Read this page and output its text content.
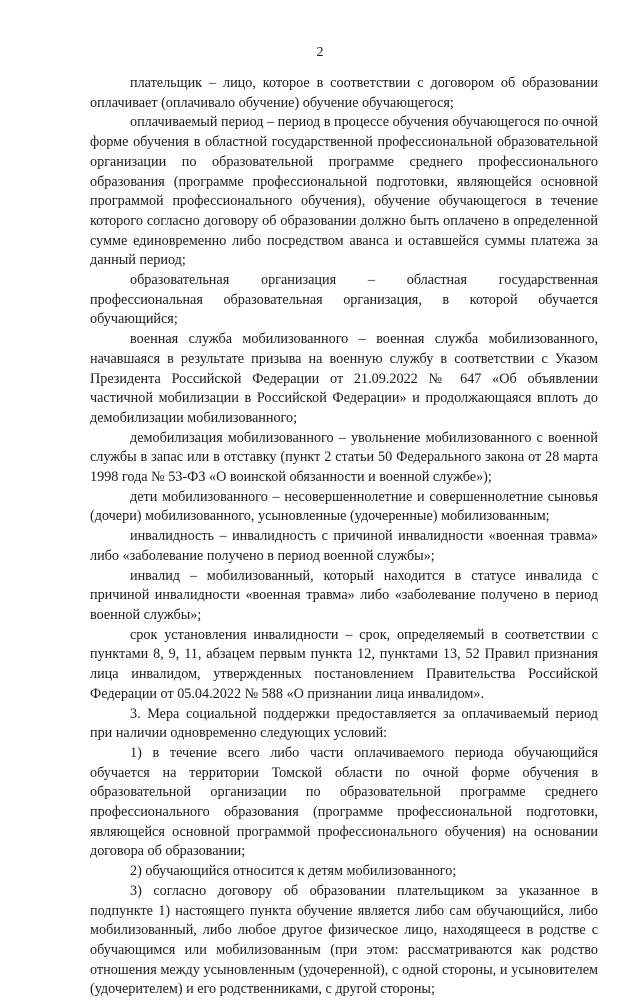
2

плательщик – лицо, которое в соответствии с договором об образовании оплачивает (оплачивало обучение) обучение обучающегося;

оплачиваемый период – период в процессе обучения обучающегося по очной форме обучения в областной государственной профессиональной образовательной организации по образовательной программе среднего профессионального образования (программе профессиональной подготовки, являющейся основной программой профессионального обучения), обучение обучающегося в течение которого согласно договору об образовании должно быть оплачено в определенной сумме единовременно либо посредством аванса и оставшейся суммы платежа за данный период;

образовательная организация – областная государственная профессиональная образовательная организация, в которой обучается обучающийся;

военная служба мобилизованного – военная служба мобилизованного, начавшаяся в результате призыва на военную службу в соответствии с Указом Президента Российской Федерации от 21.09.2022 № 647 «Об объявлении частичной мобилизации в Российской Федерации» и продолжающаяся вплоть до демобилизации мобилизованного;

демобилизация мобилизованного – увольнение мобилизованного с военной службы в запас или в отставку (пункт 2 статьи 50 Федерального закона от 28 марта 1998 года № 53-ФЗ «О воинской обязанности и военной службе»);

дети мобилизованного – несовершеннолетние и совершеннолетние сыновья (дочери) мобилизованного, усыновленные (удочеренные) мобилизованным;

инвалидность – инвалидность с причиной инвалидности «военная травма» либо «заболевание получено в период военной службы»;

инвалид – мобилизованный, который находится в статусе инвалида с причиной инвалидности «военная травма» либо «заболевание получено в период военной службы»;

срок установления инвалидности – срок, определяемый в соответствии с пунктами 8, 9, 11, абзацем первым пункта 12, пунктами 13, 52 Правил признания лица инвалидом, утвержденных постановлением Правительства Российской Федерации от 05.04.2022 № 588 «О признании лица инвалидом».

3. Мера социальной поддержки предоставляется за оплачиваемый период при наличии одновременно следующих условий:

1) в течение всего либо части оплачиваемого периода обучающийся обучается на территории Томской области по очной форме обучения в образовательной организации по образовательной программе среднего профессионального образования (программе профессиональной подготовки, являющейся основной программой профессионального обучения) на основании договора об образовании;

2) обучающийся относится к детям мобилизованного;

3) согласно договору об образовании плательщиком за указанное в подпункте 1) настоящего пункта обучение является либо сам обучающийся, либо мобилизованный, либо любое другое физическое лицо, находящееся в родстве с обучающимся или мобилизованным (при этом: рассматриваются как родство отношения между усыновленным (удочеренной), с одной стороны, и усыновителем (удочерителем) и его родственниками, с другой стороны;
